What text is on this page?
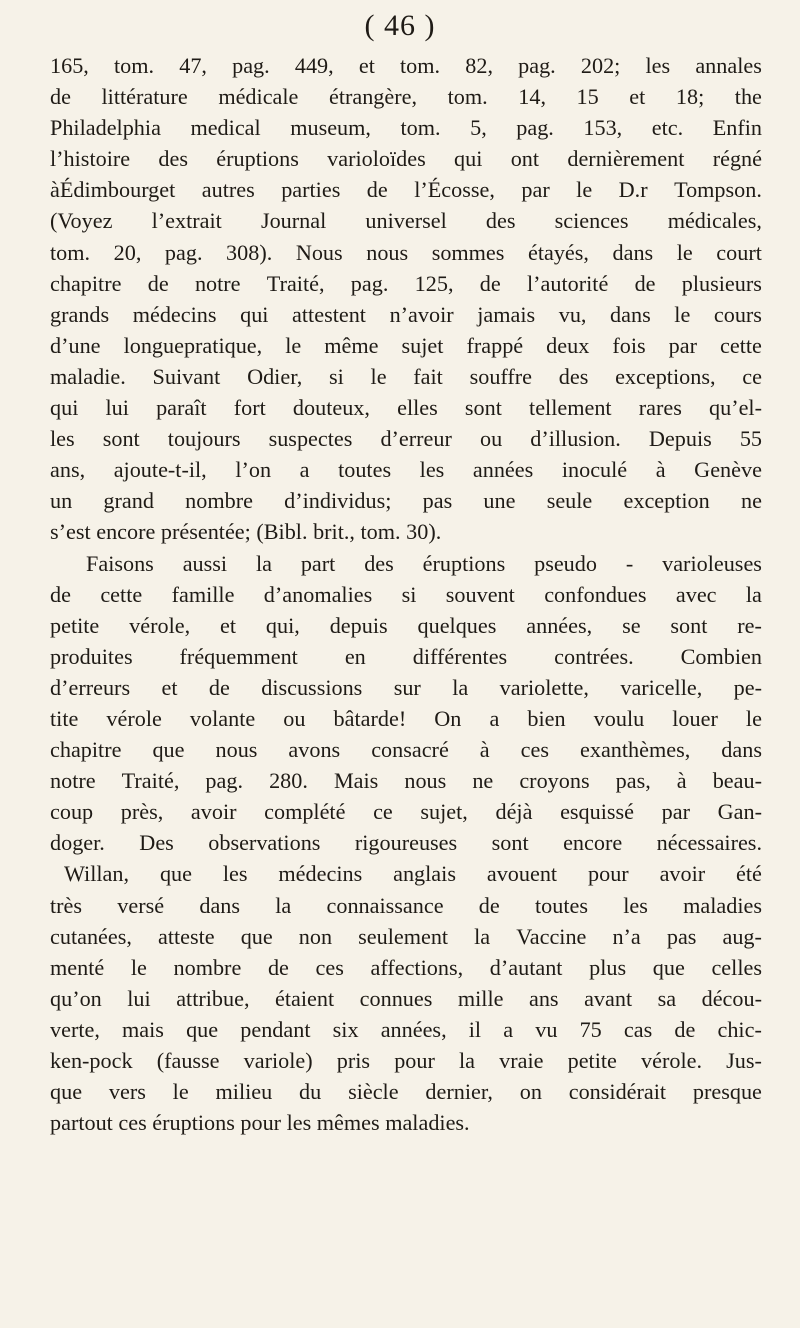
( 46 )
165, tom. 47, pag. 449, et tom. 82, pag. 202; les annales
de littérature médicale étrangère, tom. 14, 15 et 18; the
Philadelphia medical museum, tom. 5, pag. 153, etc. Enfin
l’histoire des éruptions varioloïdes qui ont dernièrement régné
àÉdimbourget autres parties de l’Écosse, par le D.r Tompson.
(Voyez l’extrait Journal universel des sciences médicales,
tom. 20, pag. 308). Nous nous sommes étayés, dans le court
chapitre de notre Traité, pag. 125, de l’autorité de plusieurs
grands médecins qui attestent n’avoir jamais vu, dans le cours
d’une longuepratique, le même sujet frappé deux fois par cette
maladie. Suivant Odier, si le fait souffre des exceptions, ce
qui lui paraît fort douteux, elles sont tellement rares qu’el-
les sont toujours suspectes d’erreur ou d’illusion. Depuis 55
ans, ajoute-t-il, l’on a toutes les années inoculé à Genève
un grand nombre d’individus; pas une seule exception ne
s’est encore présentée; (Bibl. brit., tom. 30).
Faisons aussi la part des éruptions pseudo - varioleuses
de cette famille d’anomalies si souvent confondues avec la
petite vérole, et qui, depuis quelques années, se sont re-
produites fréquemment en différentes contrées. Combien
d’erreurs et de discussions sur la variolette, varicelle, pe-
tite vérole volante ou bâtarde! On a bien voulu louer le
chapitre que nous avons consacré à ces exanthèmes, dans
notre Traité, pag. 280. Mais nous ne croyons pas, à beau-
coup près, avoir complété ce sujet, déjà esquissé par Gan-
doger. Des observations rigoureuses sont encore nécessaires.
Willan, que les médecins anglais avouent pour avoir été
très versé dans la connaissance de toutes les maladies
cutanées, atteste que non seulement la Vaccine n’a pas aug-
menté le nombre de ces affections, d’autant plus que celles
qu’on lui attribue, étaient connues mille ans avant sa décou-
verte, mais que pendant six années, il a vu 75 cas de chic-
ken-pock (fausse variole) pris pour la vraie petite vérole. Jus-
que vers le milieu du siècle dernier, on considérait presque
partout ces éruptions pour les mêmes maladies.
